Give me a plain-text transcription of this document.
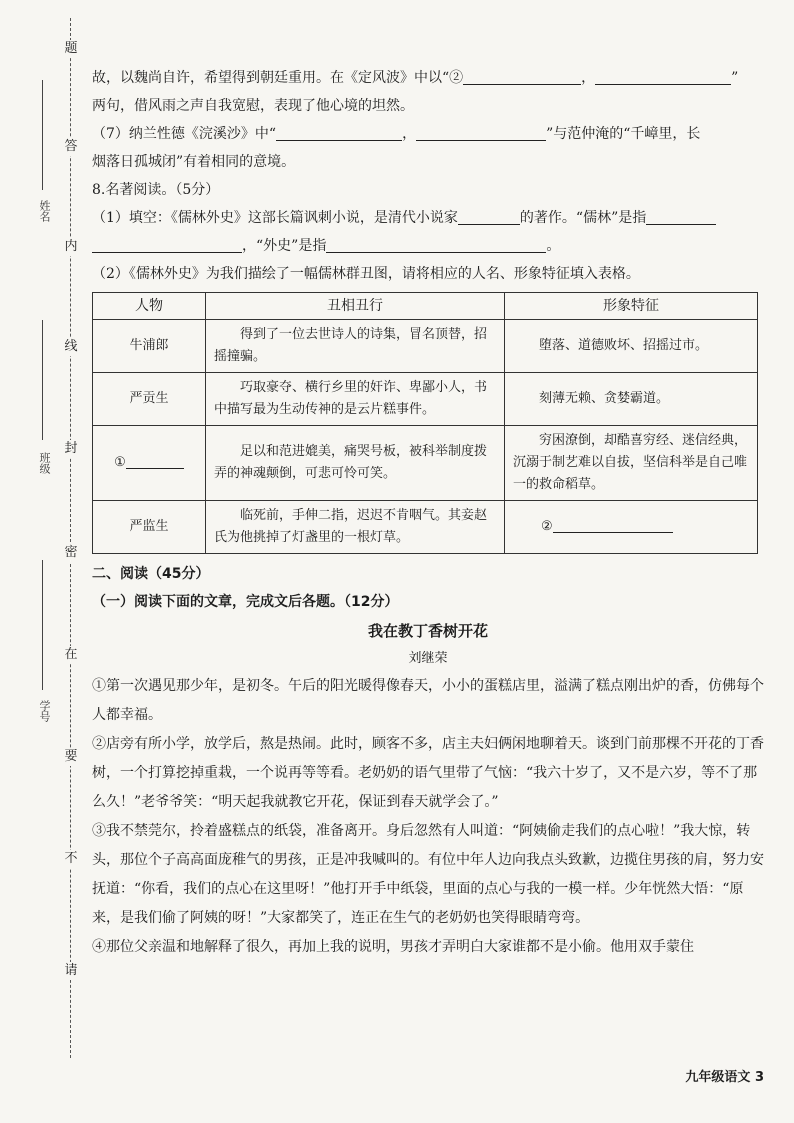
题
答
内
线
封
密
在
要
不
请
姓名
班级
学号

故，以魏尚自许，希望得到朝廷重用。在《定风波》中以“②	，	”

两句，借风雨之声自我宽慰，表现了他心境的坦然。

（7）纳兰性德《浣溪沙》中“	，	”与范仲淹的“千嶂里，长

烟落日孤城闭”有着相同的意境。

8.名著阅读。（5分）

（1）填空：《儒林外史》这部长篇讽刺小说，是清代小说家	的著作。“儒林”是指

，“外史”是指	。

（2）《儒林外史》为我们描绘了一幅儒林群丑图，请将相应的人名、形象特征填入表格。

人物	丑相丑行	形象特征
牛浦郎	得到了一位去世诗人的诗集，冒名顶替，招摇撞骗。	堕落、道德败坏、招摇过市。

严贡生	巧取豪夺、横行乡里的奸诈、卑鄙小人，书中描写最为生动传神的是云片糕事件。	刻薄无赖、贪婪霸道。

①	足以和范进媲美，痛哭号板，被科举制度拨弄的神魂颠倒，可悲可怜可笑。	穷困潦倒，却酷喜穷经、迷信经典，沉溺于制艺难以自拔，坚信科举是自己唯一的救命稻草。

严监生	临死前，手伸二指，迟迟不肯咽气。其妾赵氏为他挑掉了灯盏里的一根灯草。	②

二、阅读（45分）

（一）阅读下面的文章，完成文后各题。（12分）

我在教丁香树开花
刘继荣

①第一次遇见那少年，是初冬。午后的阳光暖得像春天，小小的蛋糕店里，溢满了糕点刚出炉的香，仿佛每个人都幸福。

②店旁有所小学，放学后，熬是热闹。此时，顾客不多，店主夫妇俩闲地聊着天。谈到门前那棵不开花的丁香树，一个打算挖掉重栽，一个说再等等看。老奶奶的语气里带了气恼：“我六十岁了，又不是六岁，等不了那么久！”老爷爷笑：“明天起我就教它开花，保证到春天就学会了。”

③我不禁莞尔，拎着盛糕点的纸袋，准备离开。身后忽然有人叫道：“阿姨偷走我们的点心啦！”我大惊，转头，那位个子高高面庞稚气的男孩，正是冲我喊叫的。有位中年人边向我点头致歉，边揽住男孩的肩，努力安抚道：“你看，我们的点心在这里呀！”他打开手中纸袋，里面的点心与我的一模一样。少年恍然大悟：“原来，是我们偷了阿姨的呀！”大家都笑了，连正在生气的老奶奶也笑得眼睛弯弯。

④那位父亲温和地解释了很久，再加上我的说明，男孩才弄明白大家谁都不是小偷。他用双手蒙住

九年级语文 3
